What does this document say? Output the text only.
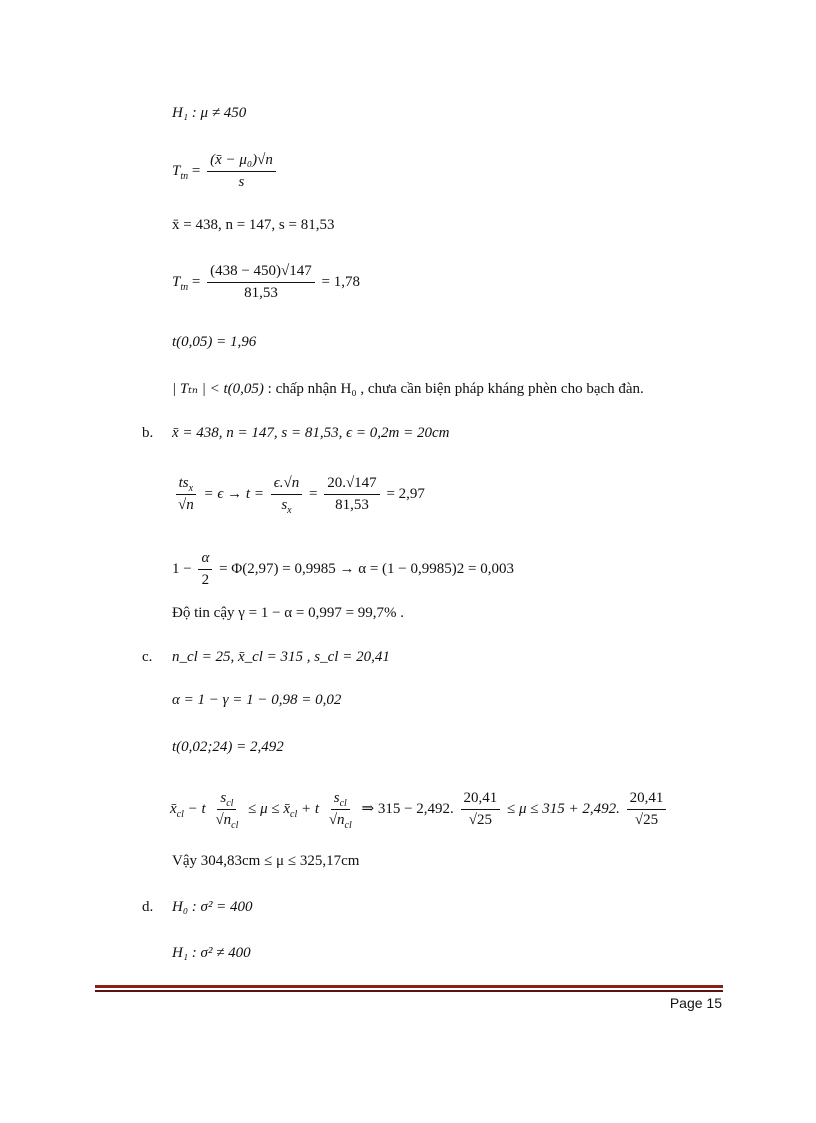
H₁ : μ ≠ 450
$T_{tn} = \frac{\text{(x̄ − μ₀)√n}}{s}$
x̄ = 438, n = 147, s = 81,53
$T_{tn} = \frac{(438 - 450)√147}{81,53} = 1,78$
t(0,05) = 1,96
| Tₜₙ | < t(0,05) : chấp nhận H₀ , chưa cần biện pháp kháng phèn cho bạch đàn.
b. x̄ = 438, n = 147, s = 81,53, ϵ = 0,2m = 20cm
$\frac{ts_x}{√n} = \epsilon \to t = \frac{\epsilon.√n}{s_x} = \frac{20.√147}{81,53} = 2,97$
$1 - \frac{\alpha}{2} = \Phi(2,97) = 0,9985 \to \alpha = (1 - 0,9985)2 = 0,003$
Độ tin cậy γ = 1 − α = 0,997 = 99,7% .
c. n_cl = 25, x̄_cl = 315 , s_cl = 20,41
α = 1 − γ = 1 − 0,98 = 0,02
t(0,02;24) = 2,492
$x̄_{cl} - t \frac{s_{cl}}{√n_{cl}} \le \mu$ ≤ $x̄_{cl} + t \frac{s_{cl}}{√n_{cl}}$ ⇒ 315 − 2,492. $\frac{20,41}{√25} \le \mu \le 315 + 2,492$. $\frac{20,41}{√25}$
Vậy 304,83cm ≤ μ ≤ 325,17cm
d. H₀ : σ² = 400
H₁ : σ² ≠ 400
Page 15
